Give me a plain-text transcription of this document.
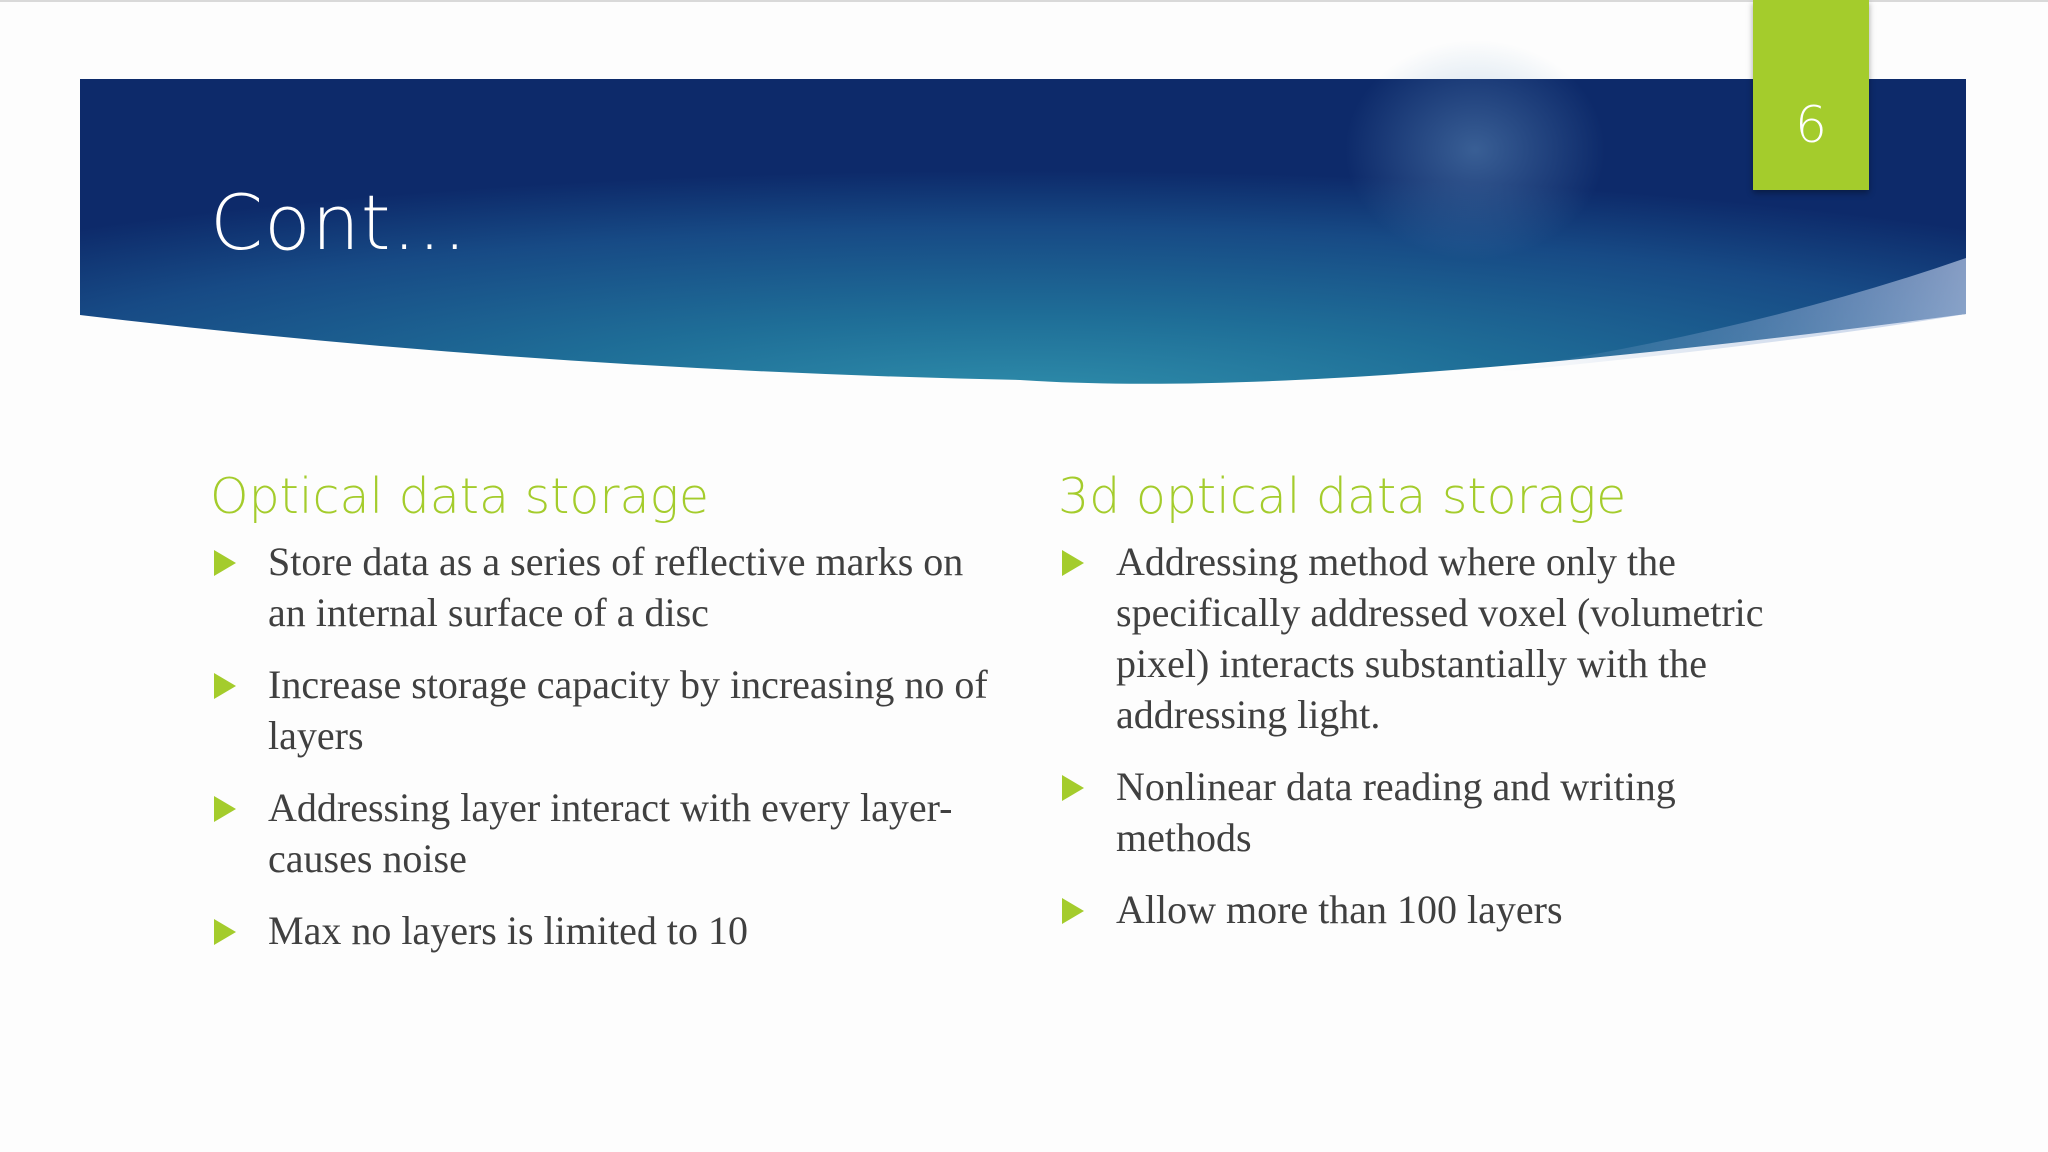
6
Cont…
Optical data storage
Store data as a series of reflective marks on an internal surface of a disc
Increase storage capacity by increasing no of layers
Addressing layer interact with every layer- causes noise
Max no layers is limited to 10
3d optical data storage
Addressing method where only the specifically addressed voxel (volumetric pixel) interacts substantially with the addressing light.
Nonlinear data reading and writing methods
Allow more than 100 layers
